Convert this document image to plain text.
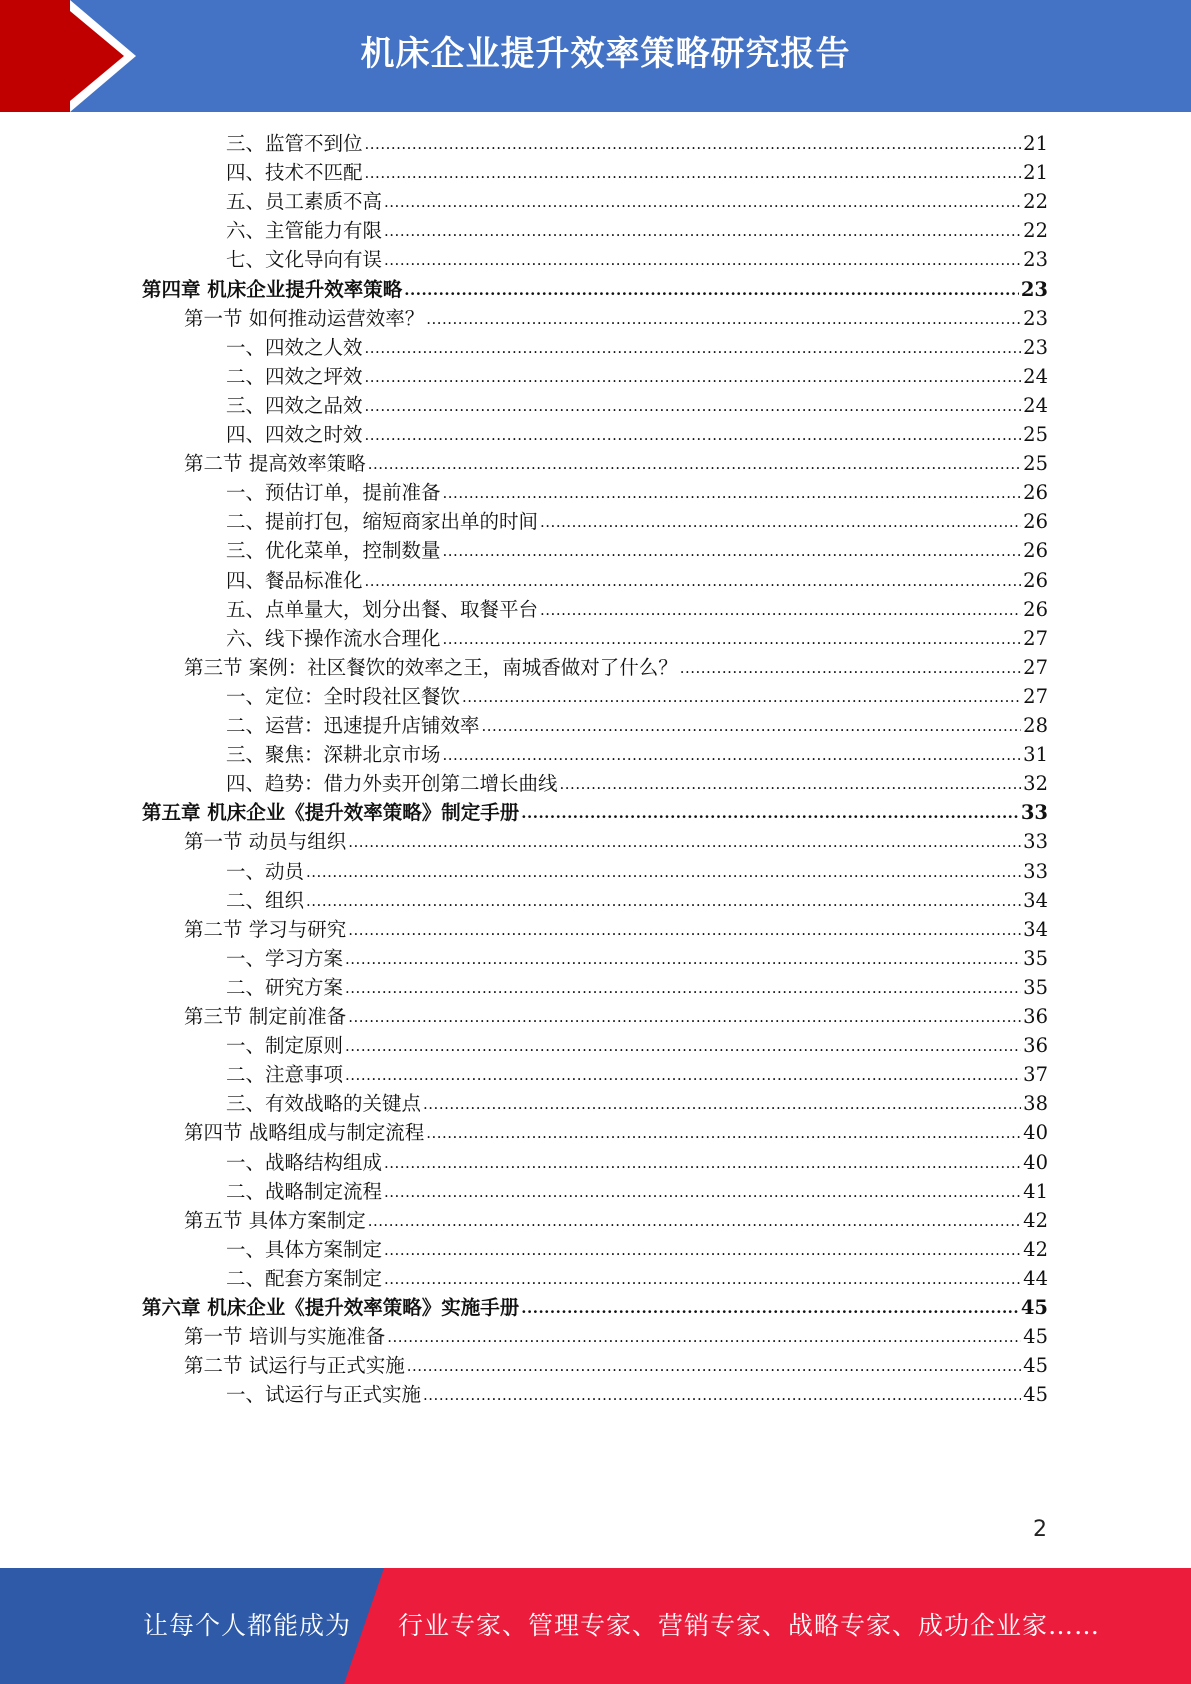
机床企业提升效率策略研究报告
三、监管不到位 .....	21
四、技术不匹配 .....	21
五、员工素质不高 .....	22
六、主管能力有限 .....	22
七、文化导向有误 .....	23
第四章 机床企业提升效率策略 .....	23
第一节 如何推动运营效率？ .....	23
一、四效之人效 .....	23
二、四效之坪效 .....	24
三、四效之品效 .....	24
四、四效之时效 .....	25
第二节 提高效率策略 .....	25
一、预估订单，提前准备 .....	26
二、提前打包，缩短商家出单的时间 .....	26
三、优化菜单，控制数量 .....	26
四、餐品标准化 .....	26
五、点单量大，划分出餐、取餐平台 .....	26
六、线下操作流水合理化 .....	27
第三节 案例：社区餐饮的效率之王，南城香做对了什么？ .....	27
一、定位：全时段社区餐饮 .....	27
二、运营：迅速提升店铺效率 .....	28
三、聚焦：深耕北京市场 .....	31
四、趋势：借力外卖开创第二增长曲线 .....	32
第五章 机床企业《提升效率策略》制定手册 .....	33
第一节 动员与组织 .....	33
一、动员 .....	33
二、组织 .....	34
第二节 学习与研究 .....	34
一、学习方案 .....	35
二、研究方案 .....	35
第三节 制定前准备 .....	36
一、制定原则 .....	36
二、注意事项 .....	37
三、有效战略的关键点 .....	38
第四节 战略组成与制定流程 .....	40
一、战略结构组成 .....	40
二、战略制定流程 .....	41
第五节 具体方案制定 .....	42
一、具体方案制定 .....	42
二、配套方案制定 .....	44
第六章 机床企业《提升效率策略》实施手册 .....	45
第一节 培训与实施准备 .....	45
第二节 试运行与正式实施 .....	45
一、试运行与正式实施 .....	45
2
让每个人都能成为 行业专家、管理专家、营销专家、战略专家、成功企业家……
